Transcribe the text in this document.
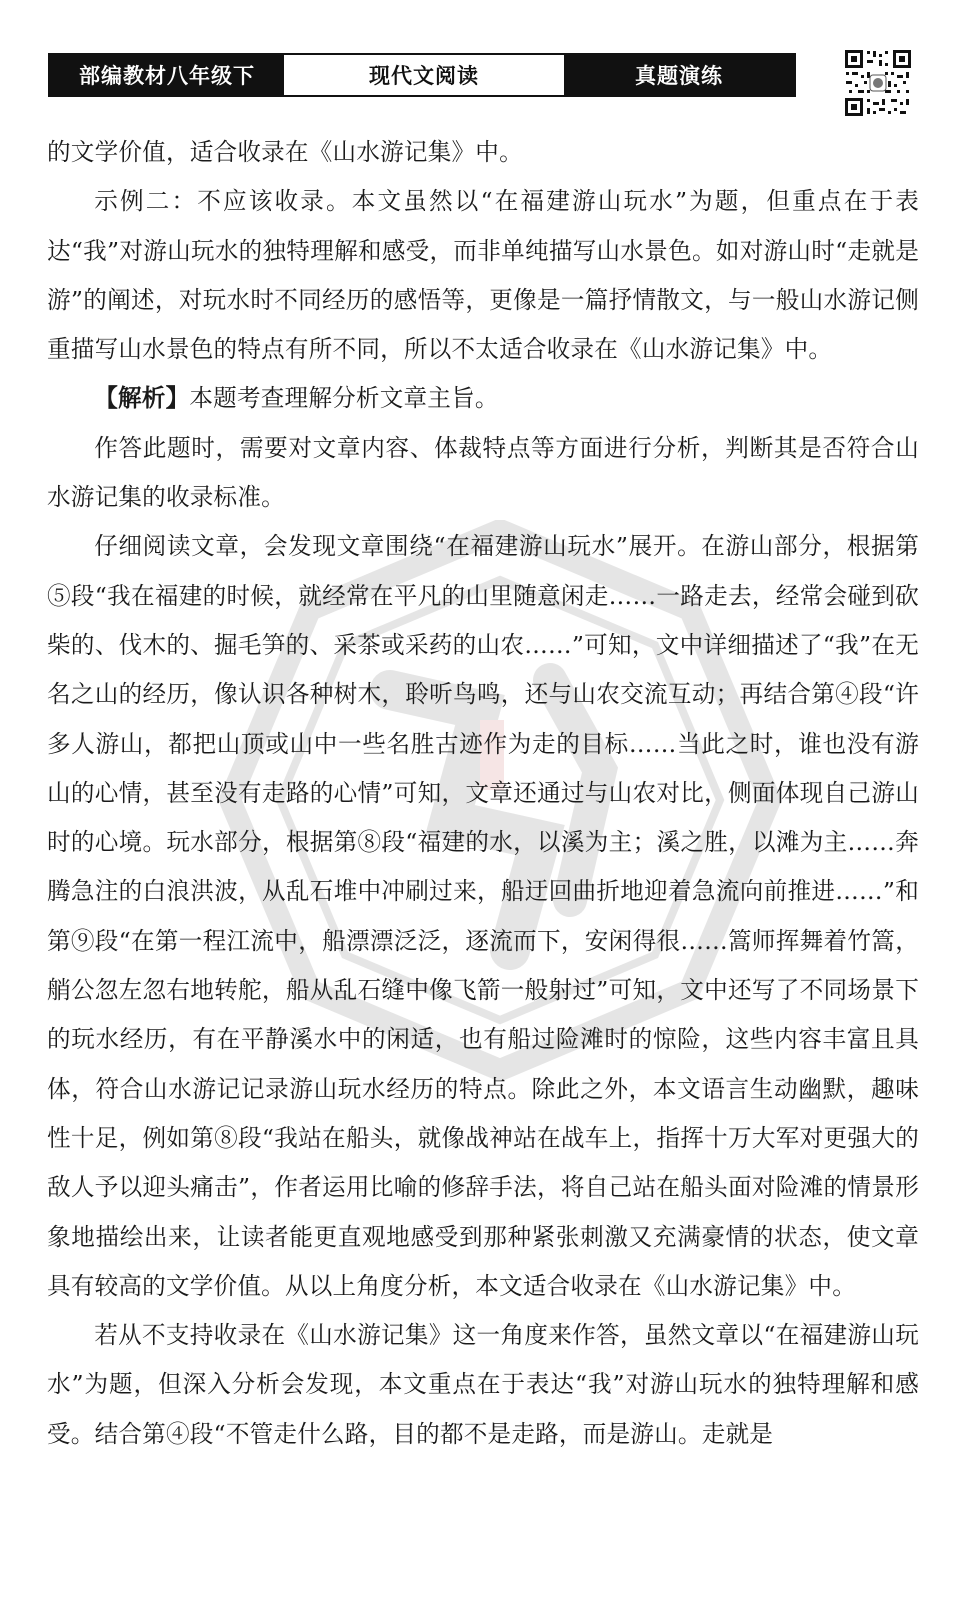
部编教材八年级下	现代文阅读	真题演练

的文学价值，适合收录在《山水游记集》中。

示例二：不应该收录。本文虽然以“在福建游山玩水”为题，但重点在于表达“我”对游山玩水的独特理解和感受，而非单纯描写山水景色。如对游山时“走就是游”的阐述，对玩水时不同经历的感悟等，更像是一篇抒情散文，与一般山水游记侧重描写山水景色的特点有所不同，所以不太适合收录在《山水游记集》中。

【解析】本题考查理解分析文章主旨。

作答此题时，需要对文章内容、体裁特点等方面进行分析，判断其是否符合山水游记集的收录标准。

仔细阅读文章，会发现文章围绕“在福建游山玩水”展开。在游山部分，根据第⑤段“我在福建的时候，就经常在平凡的山里随意闲走……一路走去，经常会碰到砍柴的、伐木的、掘毛笋的、采茶或采药的山农……”可知，文中详细描述了“我”在无名之山的经历，像认识各种树木，聆听鸟鸣，还与山农交流互动；再结合第④段“许多人游山，都把山顶或山中一些名胜古迹作为走的目标……当此之时，谁也没有游山的心情，甚至没有走路的心情”可知，文章还通过与山农对比，侧面体现自己游山时的心境。玩水部分，根据第⑧段“福建的水，以溪为主；溪之胜，以滩为主……奔腾急注的白浪洪波，从乱石堆中冲刷过来，船迂回曲折地迎着急流向前推进……”和第⑨段“在第一程江流中，船漂漂泛泛，逐流而下，安闲得很……篙师挥舞着竹篙，艄公忽左忽右地转舵，船从乱石缝中像飞箭一般射过”可知，文中还写了不同场景下的玩水经历，有在平静溪水中的闲适，也有船过险滩时的惊险，这些内容丰富且具体，符合山水游记记录游山玩水经历的特点。除此之外，本文语言生动幽默，趣味性十足，例如第⑧段“我站在船头，就像战神站在战车上，指挥十万大军对更强大的敌人予以迎头痛击”，作者运用比喻的修辞手法，将自己站在船头面对险滩的情景形象地描绘出来，让读者能更直观地感受到那种紧张刺激又充满豪情的状态，使文章具有较高的文学价值。从以上角度分析，本文适合收录在《山水游记集》中。

若从不支持收录在《山水游记集》这一角度来作答，虽然文章以“在福建游山玩水”为题，但深入分析会发现，本文重点在于表达“我”对游山玩水的独特理解和感受。结合第④段“不管走什么路，目的都不是走路，而是游山。走就是
